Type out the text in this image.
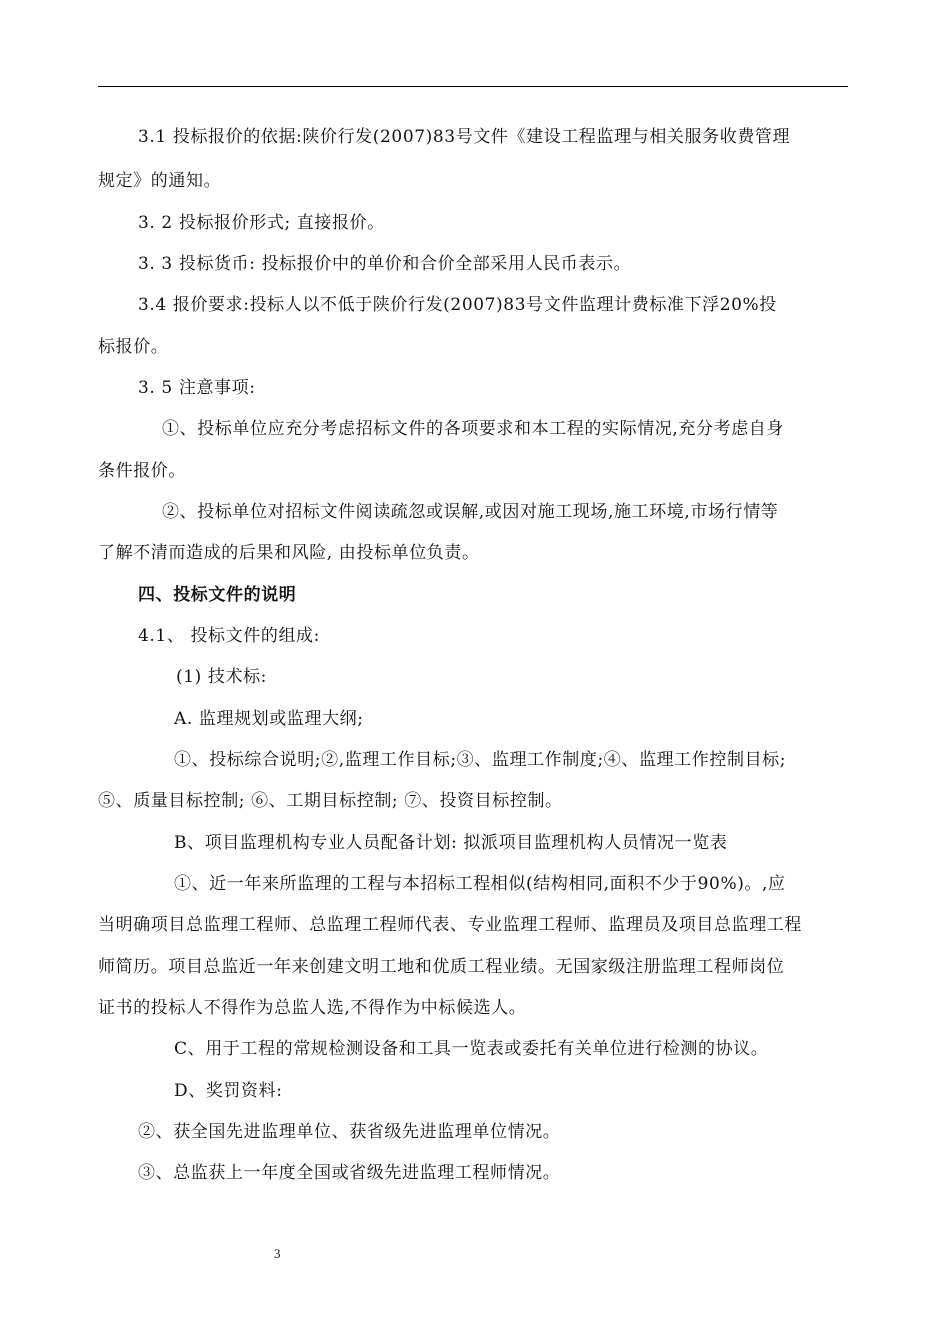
3.1 投标报价的依据:陕价行发(2007)83号文件《建设工程监理与相关服务收费管理
规定》的通知。
3. 2 投标报价形式; 直接报价。
3. 3 投标货币: 投标报价中的单价和合价全部采用人民币表示。
3.4 报价要求:投标人以不低于陕价行发(2007)83号文件监理计费标准下浮20%投
标报价。
3. 5 注意事项:
①、投标单位应充分考虑招标文件的各项要求和本工程的实际情况,充分考虑自身
条件报价。
②、投标单位对招标文件阅读疏忽或误解,或因对施工现场,施工环境,市场行情等
了解不清而造成的后果和风险, 由投标单位负责。
四、投标文件的说明
4.1、 投标文件的组成:
(1) 技术标:
A. 监理规划或监理大纲;
①、投标综合说明;②,监理工作目标;③、监理工作制度;④、监理工作控制目标;
⑤、质量目标控制; ⑥、工期目标控制; ⑦、投资目标控制。
B、项目监理机构专业人员配备计划: 拟派项目监理机构人员情况一览表
①、近一年来所监理的工程与本招标工程相似(结构相同,面积不少于90%)。,应
当明确项目总监理工程师、总监理工程师代表、专业监理工程师、监理员及项目总监理工程
师简历。项目总监近一年来创建文明工地和优质工程业绩。无国家级注册监理工程师岗位
证书的投标人不得作为总监人选,不得作为中标候选人。
C、用于工程的常规检测设备和工具一览表或委托有关单位进行检测的协议。
D、奖罚资料:
②、获全国先进监理单位、获省级先进监理单位情况。
③、总监获上一年度全国或省级先进监理工程师情况。
3
